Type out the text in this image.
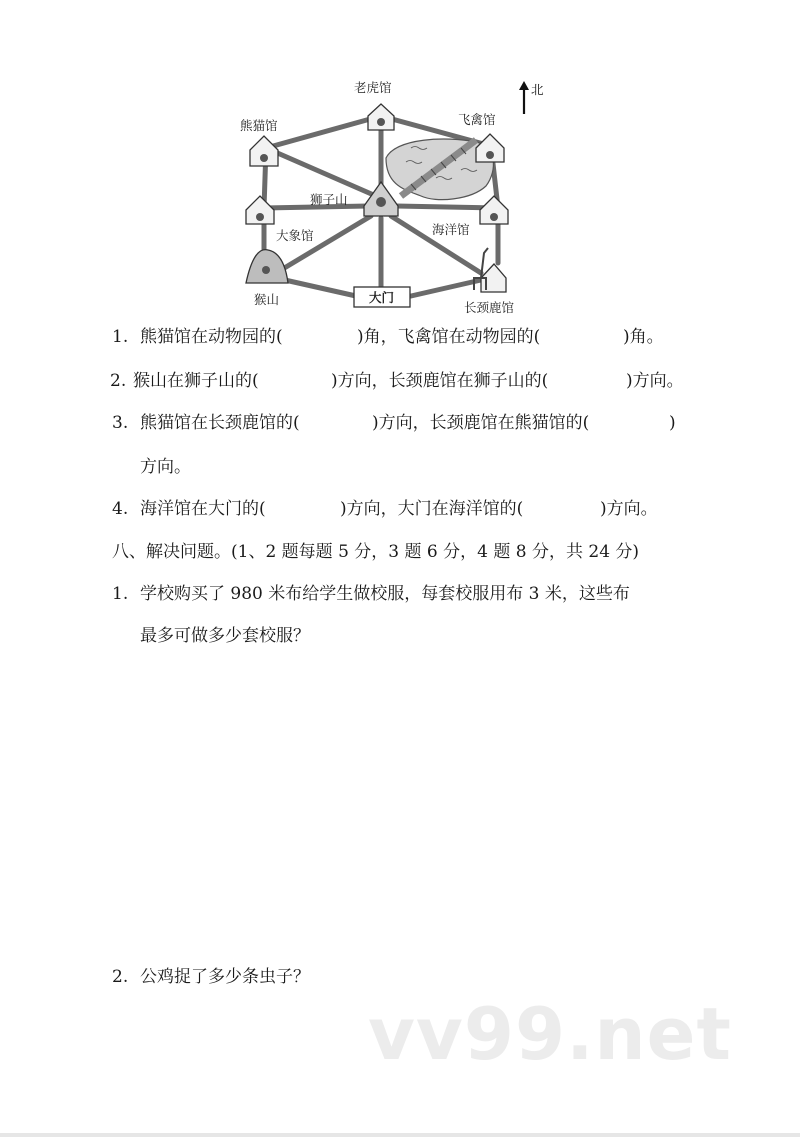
老虎馆
熊猫馆	飞禽馆
狮子山
大象馆	海洋馆
猴山	大门
长颈鹿馆
北
1. 熊猫馆在动物园的(	)角，飞禽馆在动物园的(	)角。
2. 猴山在狮子山的(	)方向，长颈鹿馆在狮子山的(	)方向。
3. 熊猫馆在长颈鹿馆的(	)方向，长颈鹿馆在熊猫馆的(	)
方向。
4. 海洋馆在大门的(	)方向，大门在海洋馆的(	)方向。
八、解决问题。(1、2 题每题 5 分，3 题 6 分，4 题 8 分，共 24 分)
1. 学校购买了 980 米布给学生做校服，每套校服用布 3 米，这些布
最多可做多少套校服？
2. 公鸡捉了多少条虫子？
vv99.net
